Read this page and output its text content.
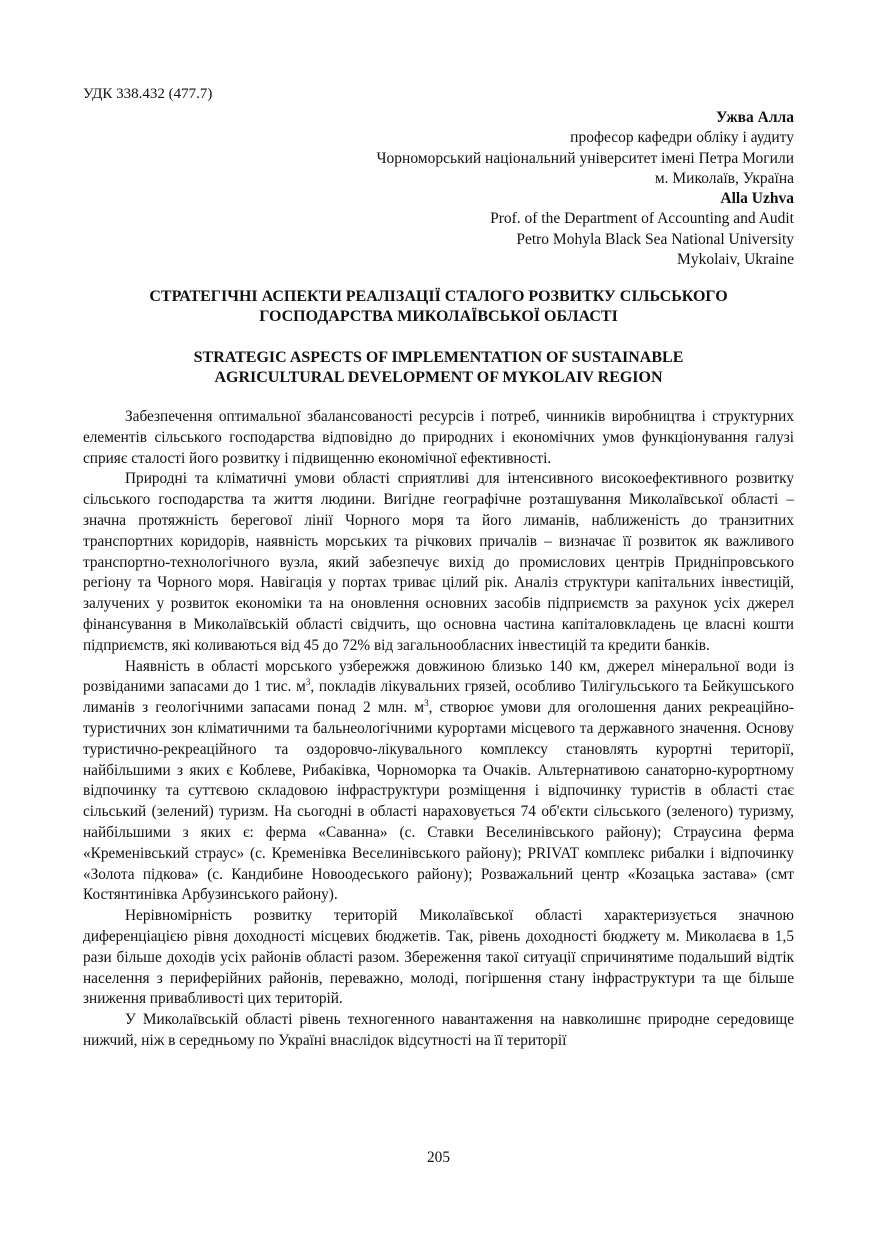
УДК 338.432 (477.7)
Ужва Алла
професор кафедри обліку і аудиту
Чорноморський національний університет імені Петра Могили
м. Миколаїв, Україна
Alla Uzhva
Prof. of the Department of Accounting and Audit
Petro Mohyla Black Sea National University
Mykolaiv, Ukraine
СТРАТЕГІЧНІ АСПЕКТИ РЕАЛІЗАЦІЇ СТАЛОГО РОЗВИТКУ СІЛЬСЬКОГО
ГОСПОДАРСТВА МИКОЛАЇВСЬКОЇ ОБЛАСТІ
STRATEGIC ASPECTS OF IMPLEMENTATION OF SUSTAINABLE
AGRICULTURAL DEVELOPMENT OF MYKOLAIV REGION

Забезпечення оптимальної збалансованості ресурсів і потреб, чинників виробництва і структурних елементів сільського господарства відповідно до природних і економічних умов функціонування галузі сприяє сталості його розвитку і підвищенню економічної ефективності.

Природні та кліматичні умови області сприятливі для інтенсивного високоефективного розвитку сільського господарства та життя людини. Вигідне географічне розташування Миколаївської області – значна протяжність берегової лінії Чорного моря та його лиманів, наближеність до транзитних транспортних коридорів, наявність морських та річкових причалів – визначає її розвиток як важливого транспортно-технологічного вузла, який забезпечує вихід до промислових центрів Придніпровського регіону та Чорного моря. Навігація у портах триває цілий рік. Аналіз структури капітальних інвестицій, залучених у розвиток економіки та на оновлення основних засобів підприємств за рахунок усіх джерел фінансування в Миколаївській області свідчить, що основна частина капіталовкладень це власні кошти підприємств, які коливаються від 45 до 72% від загальнообласних інвестицій та кредити банків.

Наявність в області морського узбережжя довжиною близько 140 км, джерел мінеральної води із розвіданими запасами до 1 тис. $м^3$, покладів лікувальних грязей, особливо Тилігульського та Бейкушського лиманів з геологічними запасами понад 2 млн. $м^3$, створює умови для оголошення даних рекреаційно-туристичних зон кліматичними та бальнеологічними курортами місцевого та державного значення. Основу туристично-рекреаційного та оздоровчо-лікувального комплексу становлять курортні території, найбільшими з яких є Коблеве, Рибаківка, Чорноморка та Очаків. Альтернативою санаторно-курортному відпочинку та суттєвою складовою інфраструктури розміщення і відпочинку туристів в області стає сільський (зелений) туризм. На сьогодні в області нараховується 74 об'єкти сільського (зеленого) туризму, найбільшими з яких є: ферма «Саванна» (с. Ставки Веселинівського району); Страусина ферма «Кременівський страус» (с. Кременівка Веселинівського району); PRIVAT комплекс рибалки і відпочинку «Золота підкова» (с. Кандибине Новоодеського району); Розважальний центр «Козацька застава» (смт Костянтинівка Арбузинського району).

Нерівномірність розвитку територій Миколаївської області характеризується значною диференціацією рівня доходності місцевих бюджетів. Так, рівень доходності бюджету м. Миколаєва в 1,5 рази більше доходів усіх районів області разом. Збереження такої ситуації спричинятиме подальший відтік населення з периферійних районів, переважно, молоді, погіршення стану інфраструктури та ще більше зниження привабливості цих територій.

У Миколаївській області рівень техногенного навантаження на навколишнє природне середовище нижчий, ніж в середньому по Україні внаслідок відсутності на її території

205
